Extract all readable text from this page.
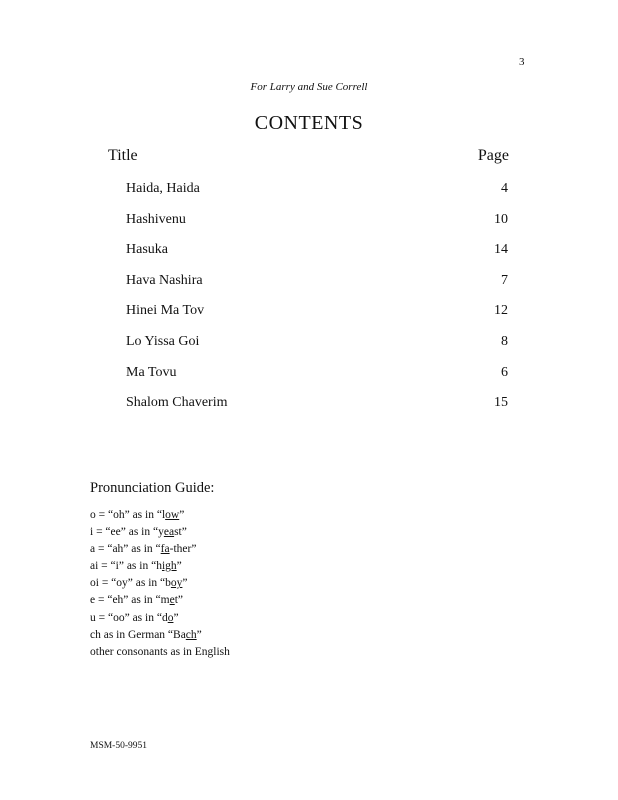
3
For Larry and Sue Correll
CONTENTS
Title	Page
Haida, Haida	4
Hashivenu	10
Hasuka	14
Hava Nashira	7
Hinei Ma Tov	12
Lo Yissa Goi	8
Ma Tovu	6
Shalom Chaverim	15
Pronunciation Guide:
o = “oh” as in “low”
i = “ee” as in “yeast”
a = “ah” as in “fa-ther”
ai = “i” as in “high”
oi = “oy” as in “boy”
e = “eh” as in “met”
u = “oo” as in “do”
ch as in German “Bach”
other consonants as in English
MSM-50-9951
